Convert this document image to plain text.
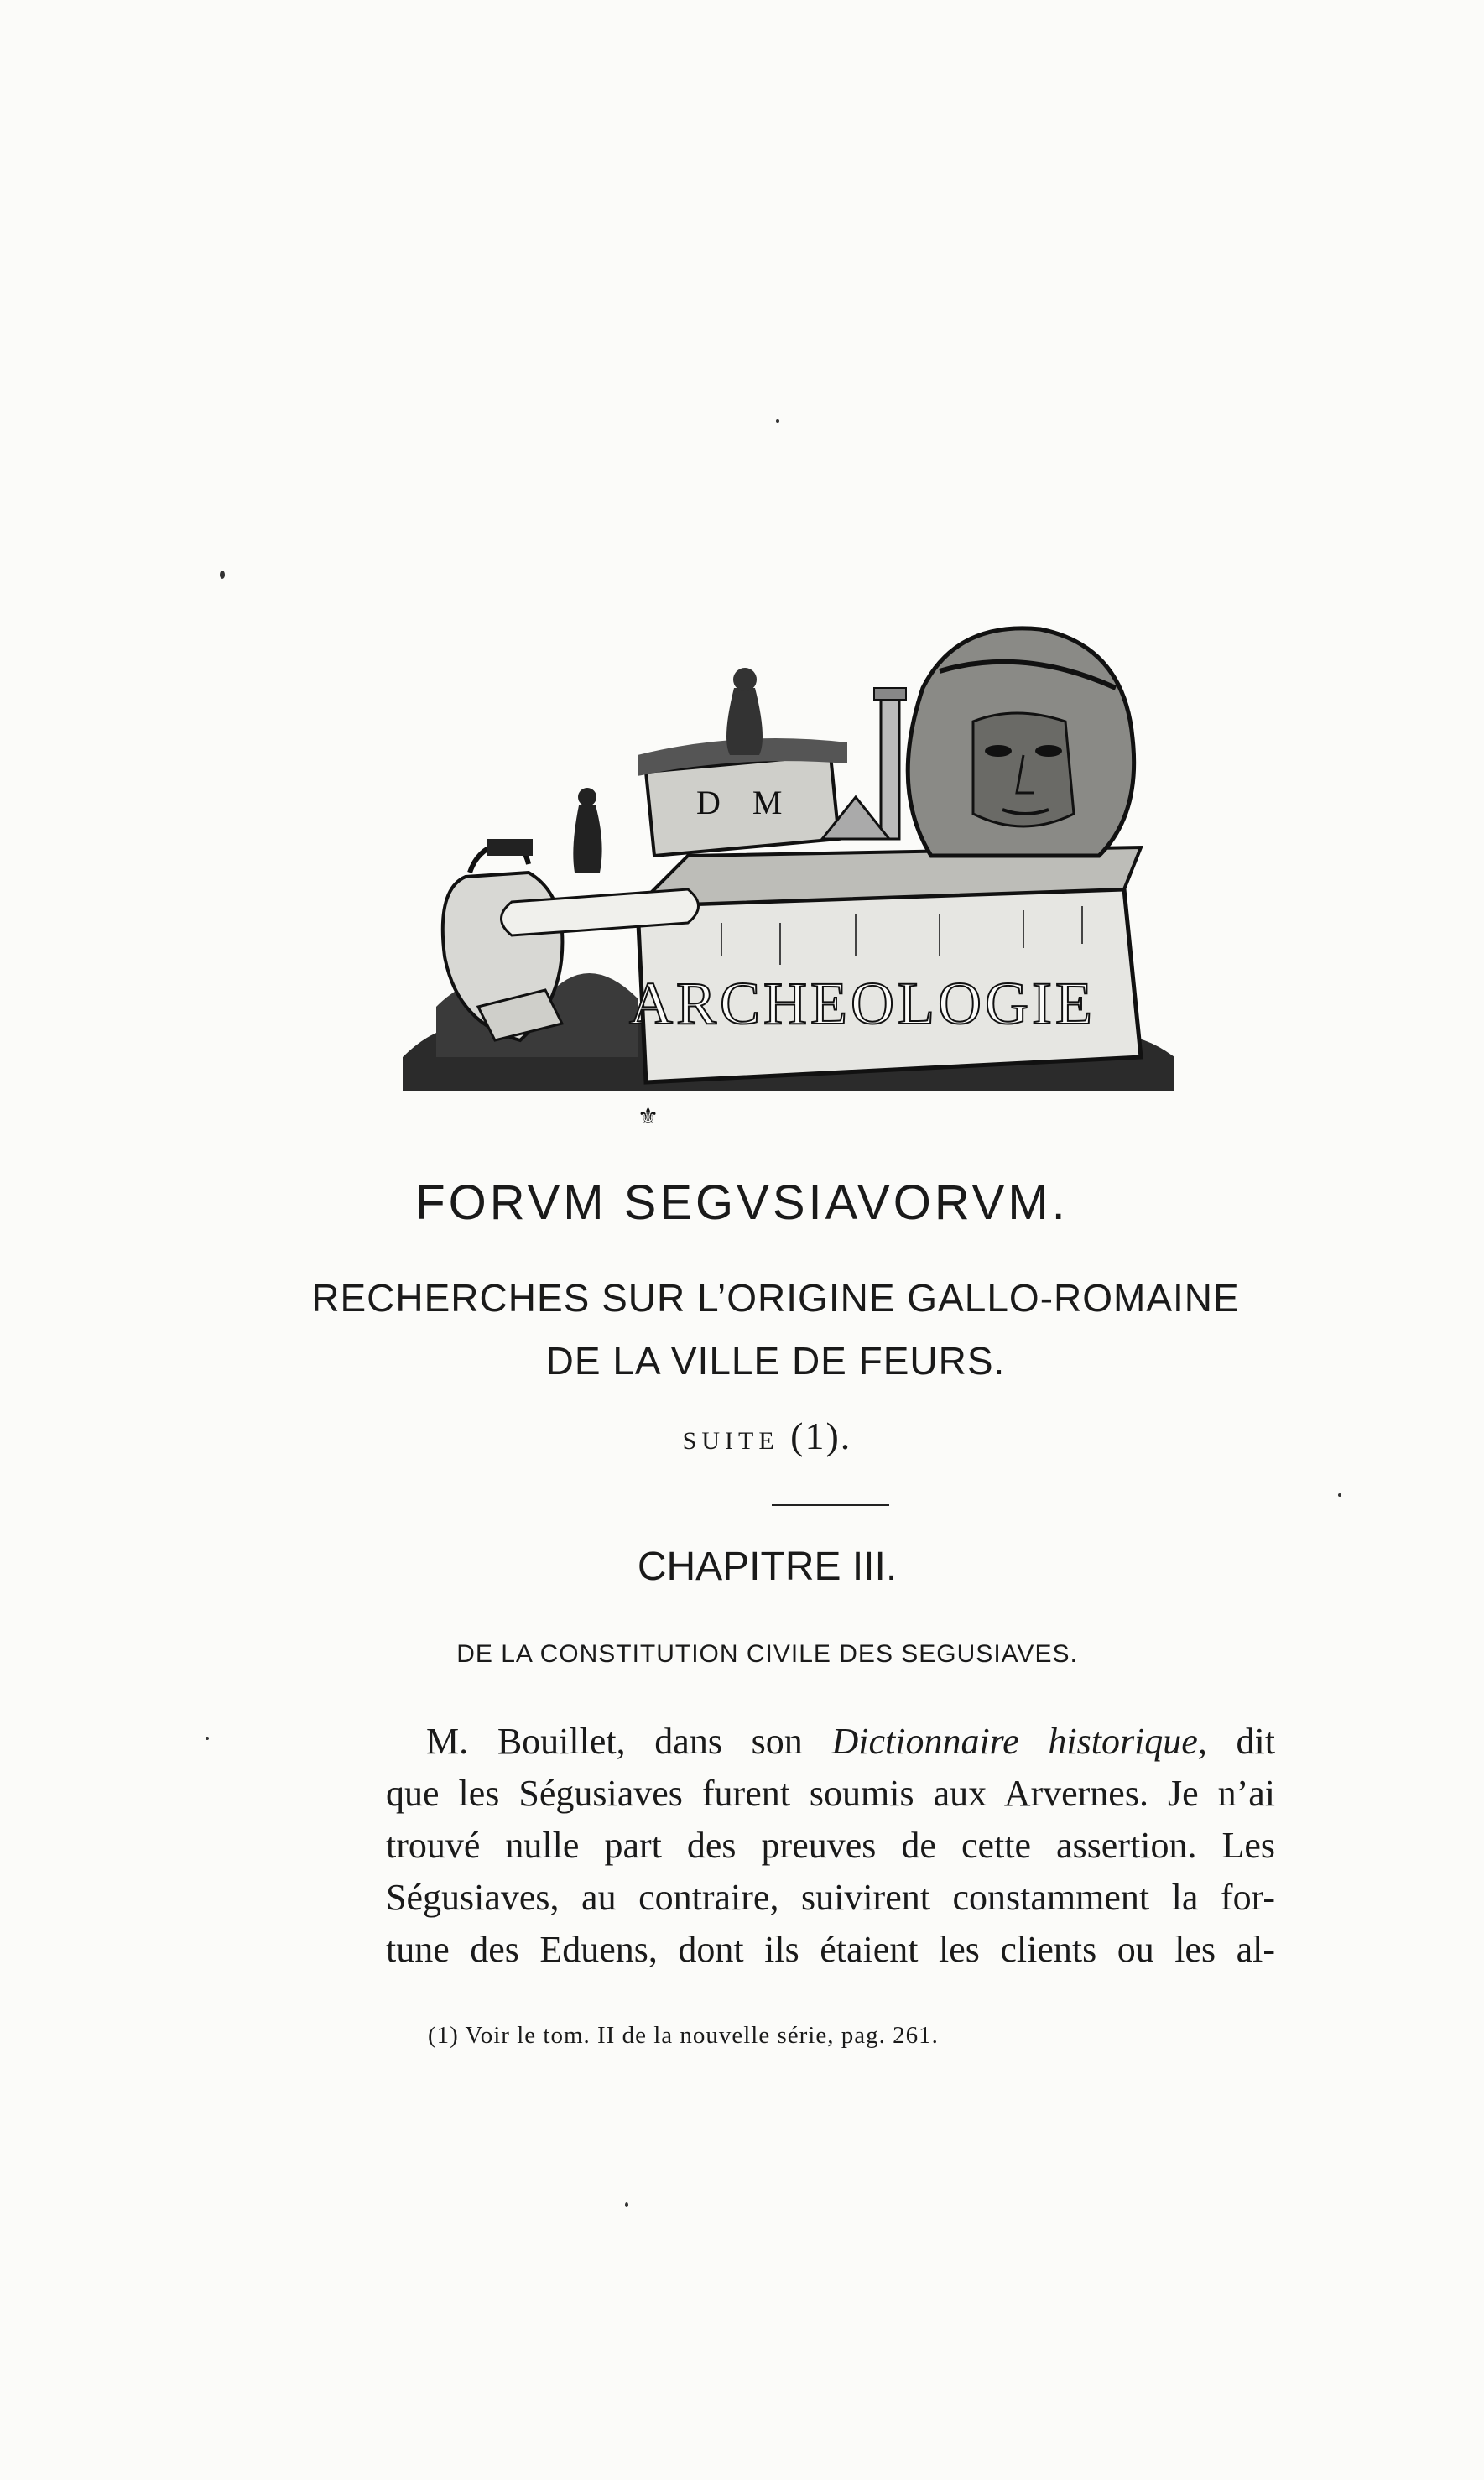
ARCHEOLOGIE
D M
⚜
FORVM SEGVSIAVORVM.
RECHERCHES SUR L’ORIGINE GALLO-ROMAINE
DE LA VILLE DE FEURS.
SUITE (1).
CHAPITRE III.
DE LA CONSTITUTION CIVILE DES SEGUSIAVES.
M. Bouillet, dans son Dictionnaire historique, dit
que les Ségusiaves furent soumis aux Arvernes. Je n’ai
trouvé nulle part des preuves de cette assertion. Les
Ségusiaves, au contraire, suivirent constamment la for-
tune des Eduens, dont ils étaient les clients ou les al-
(1) Voir le tom. II de la nouvelle série, pag. 261.
